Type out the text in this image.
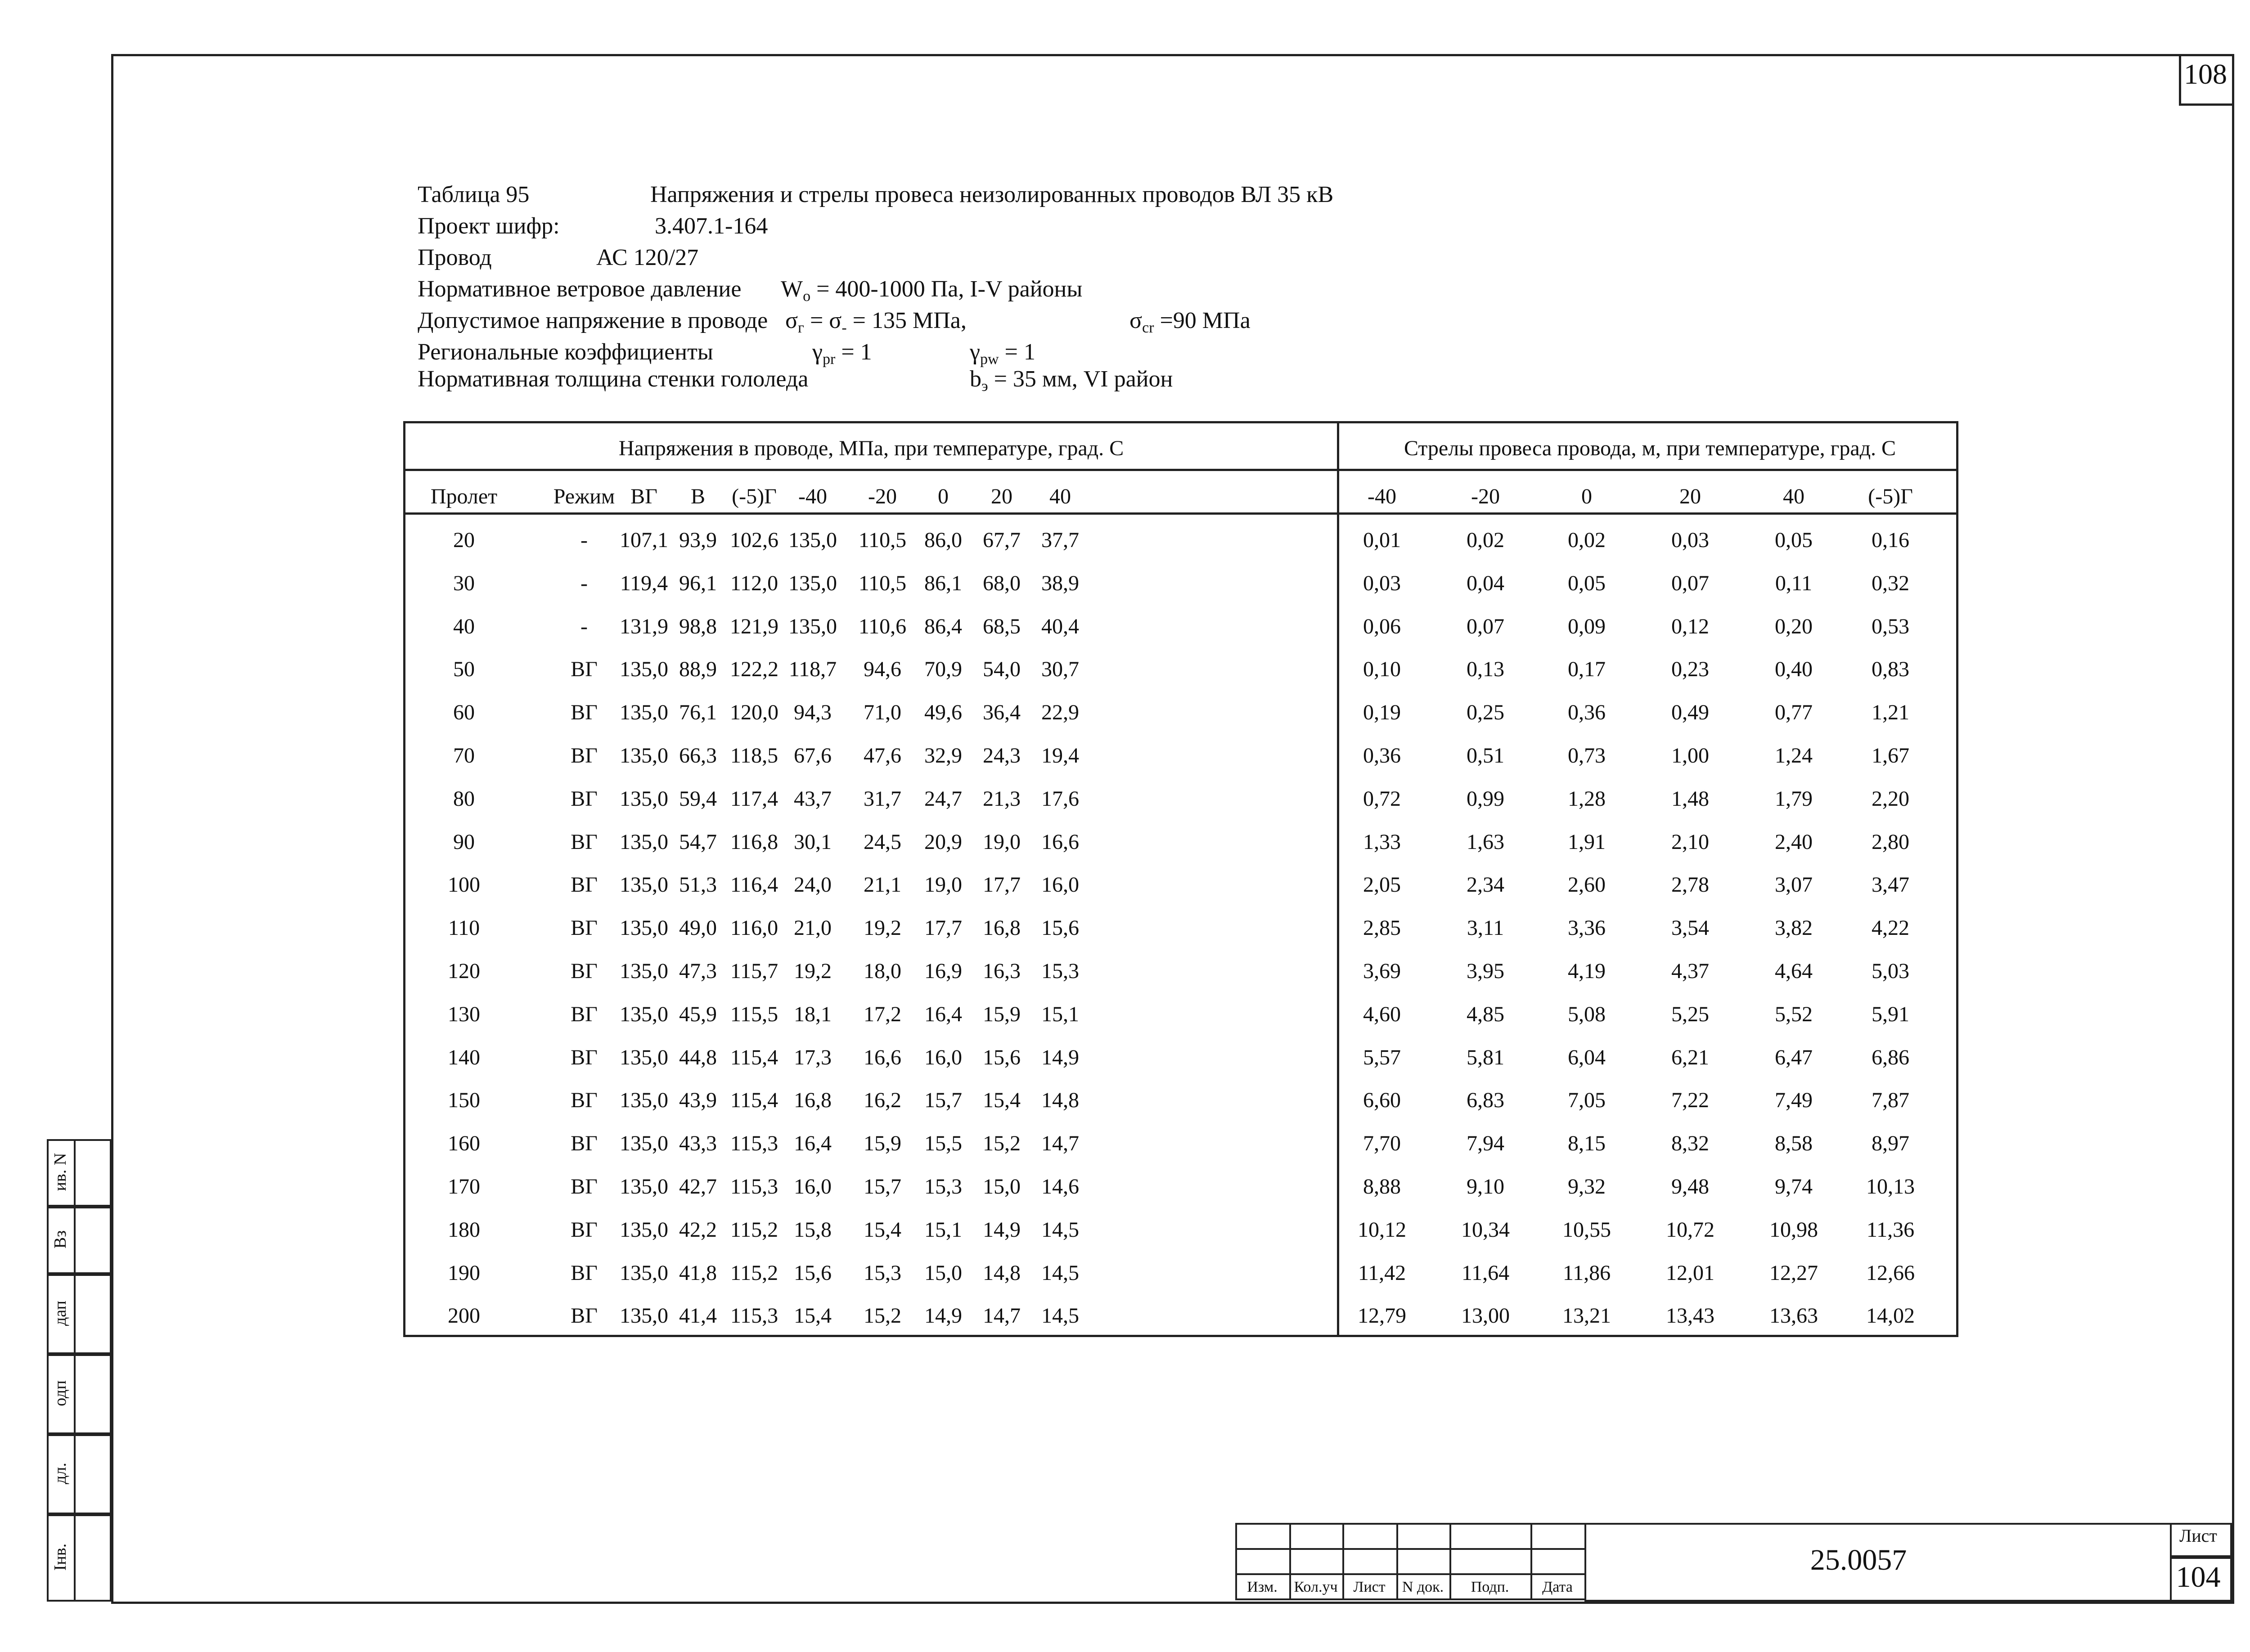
108
Таблица 95	Напряжения и стрелы провеса неизолированных проводов ВЛ 35 кВ
Проект шифр:	3.407.1-164
Провод	АС 120/27
Нормативное ветровое давление $W_o = 400-1000$ Па, I-V районы
Допустимое напряжение в проводе $\sigma_г = \sigma_- = 135$ МПа,	$\sigma_{cr} =90$ МПа
Региональные коэффициенты	$\gamma_{pr} = 1$	$\gamma_{pw} = 1$
Нормативная толщина стенки гололеда	$b_э = 35$ мм, VI район
Напряжения в проводе, МПа, при температуре, град. С	Стрелы провеса провода, м, при температуре, град. С
Пролет	Режим ВГ	В	(-5)Г	-40	-20	0	20	40	-40	-20	0	20	40	(-5)Г
20	-	107,1 93,9 102,6 135,0 110,5 86,0 67,7 37,7	0,01	0,02	0,02	0,03	0,05	0,16
30	-	119,4 96,1 112,0 135,0 110,5 86,1 68,0 38,9	0,03	0,04	0,05	0,07	0,11	0,32
40	-	131,9 98,8 121,9 135,0 110,6 86,4 68,5 40,4	0,06	0,07	0,09	0,12	0,20	0,53
50	ВГ	135,0 88,9 122,2 118,7	94,6	70,9 54,0 30,7	0,10	0,13	0,17	0,23	0,40	0,83
60	ВГ	135,0 76,1 120,0 94,3	71,0	49,6 36,4 22,9	0,19	0,25	0,36	0,49	0,77	1,21
70	ВГ	135,0 66,3 118,5 67,6	47,6	32,9 24,3 19,4	0,36	0,51	0,73	1,00	1,24	1,67
80	ВГ	135,0 59,4 117,4 43,7	31,7	24,7 21,3 17,6	0,72	0,99	1,28	1,48	1,79	2,20
90	ВГ	135,0 54,7 116,8 30,1	24,5	20,9 19,0 16,6	1,33	1,63	1,91	2,10	2,40	2,80
100	ВГ	135,0 51,3 116,4 24,0	21,1	19,0 17,7 16,0	2,05	2,34	2,60	2,78	3,07	3,47
110	ВГ	135,0 49,0 116,0 21,0	19,2	17,7 16,8 15,6	2,85	3,11	3,36	3,54	3,82	4,22
120	ВГ	135,0 47,3 115,7 19,2	18,0	16,9 16,3 15,3	3,69	3,95	4,19	4,37	4,64	5,03
130	ВГ	135,0 45,9 115,5 18,1	17,2	16,4 15,9 15,1	4,60	4,85	5,08	5,25	5,52	5,91
140	ВГ	135,0 44,8 115,4 17,3	16,6	16,0 15,6 14,9	5,57	5,81	6,04	6,21	6,47	6,86
150	ВГ	135,0 43,9 115,4 16,8	16,2	15,7 15,4 14,8	6,60	6,83	7,05	7,22	7,49	7,87
160	ВГ	135,0 43,3 115,3 16,4	15,9	15,5 15,2 14,7	7,70	7,94	8,15	8,32	8,58	8,97
170	ВГ	135,0 42,7 115,3 16,0	15,7	15,3 15,0 14,6	8,88	9,10	9,32	9,48	9,74	10,13
180	ВГ	135,0 42,2 115,2 15,8	15,4	15,1 14,9 14,5	10,12	10,34	10,55	10,72	10,98	11,36
190	ВГ	135,0 41,8 115,2 15,6	15,3	15,0 14,8 14,5	11,42	11,64	11,86	12,01	12,27	12,66
200	ВГ	135,0 41,4 115,3 15,4	15,2	14,9 14,7 14,5	12,79	13,00	13,21	13,43	13,63	14,02
ив. N
Вз
дап
одп
дл.
Інв.	25.0057
Лист
104
Изм.	Кол.уч	Лист	N док.	Подп.	Дата
